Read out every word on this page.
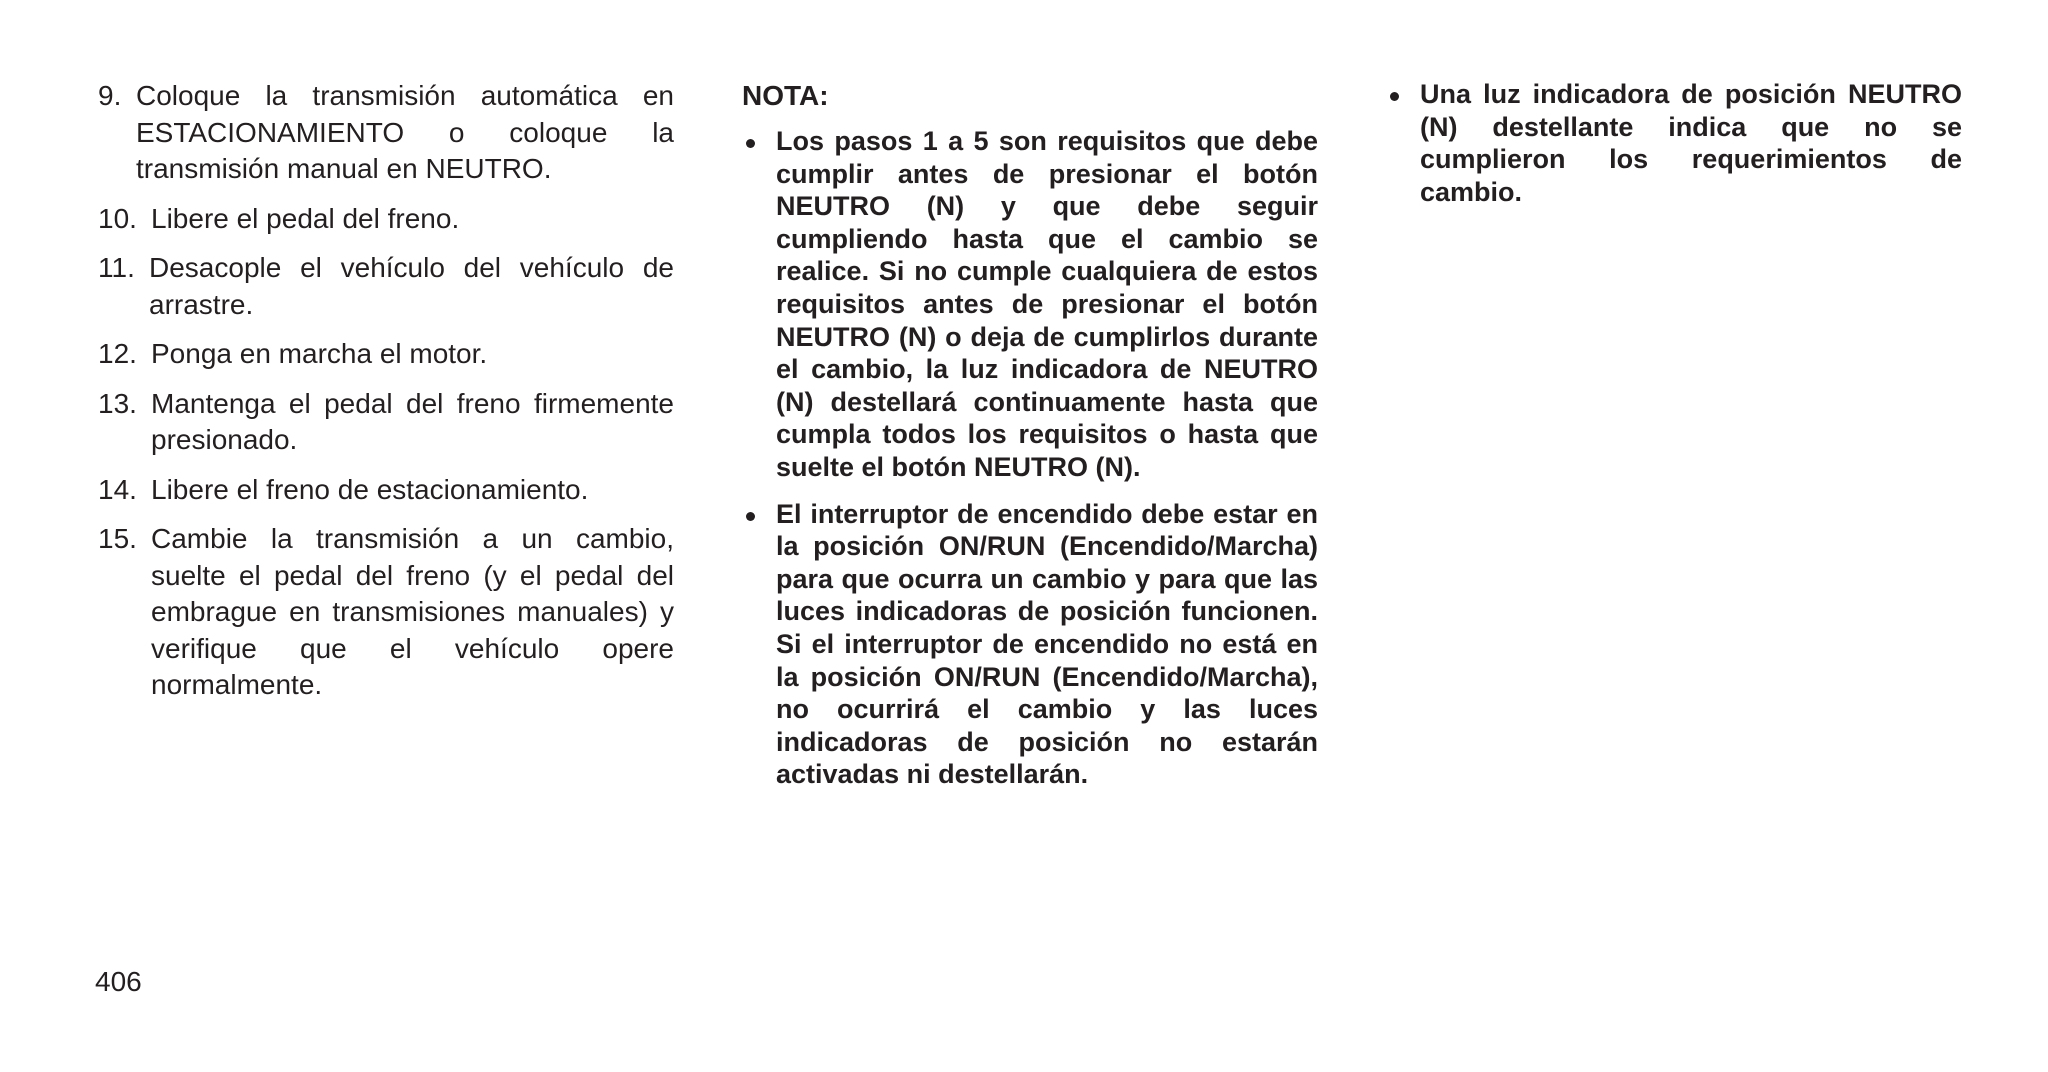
9. Coloque la transmisión automática en ESTACIONAMIENTO o coloque la transmisión manual en NEUTRO.
10. Libere el pedal del freno.
11. Desacople el vehículo del vehículo de arrastre.
12. Ponga en marcha el motor.
13. Mantenga el pedal del freno firmemente presionado.
14. Libere el freno de estacionamiento.
15. Cambie la transmisión a un cambio, suelte el pedal del freno (y el pedal del embrague en transmisiones manuales) y verifique que el vehículo opere normalmente.
NOTA:
Los pasos 1 a 5 son requisitos que debe cumplir antes de presionar el botón NEUTRO (N) y que debe seguir cumpliendo hasta que el cambio se realice. Si no cumple cualquiera de estos requisitos antes de presionar el botón NEUTRO (N) o deja de cumplirlos durante el cambio, la luz indicadora de NEUTRO (N) destellará continuamente hasta que cumpla todos los requisitos o hasta que suelte el botón NEUTRO (N).
El interruptor de encendido debe estar en la posición ON/RUN (Encendido/Marcha) para que ocurra un cambio y para que las luces indicadoras de posición funcionen. Si el interruptor de encendido no está en la posición ON/RUN (Encendido/Marcha), no ocurrirá el cambio y las luces indicadoras de posición no estarán activadas ni destellarán.
Una luz indicadora de posición NEUTRO (N) destellante indica que no se cumplieron los requerimientos de cambio.
406
